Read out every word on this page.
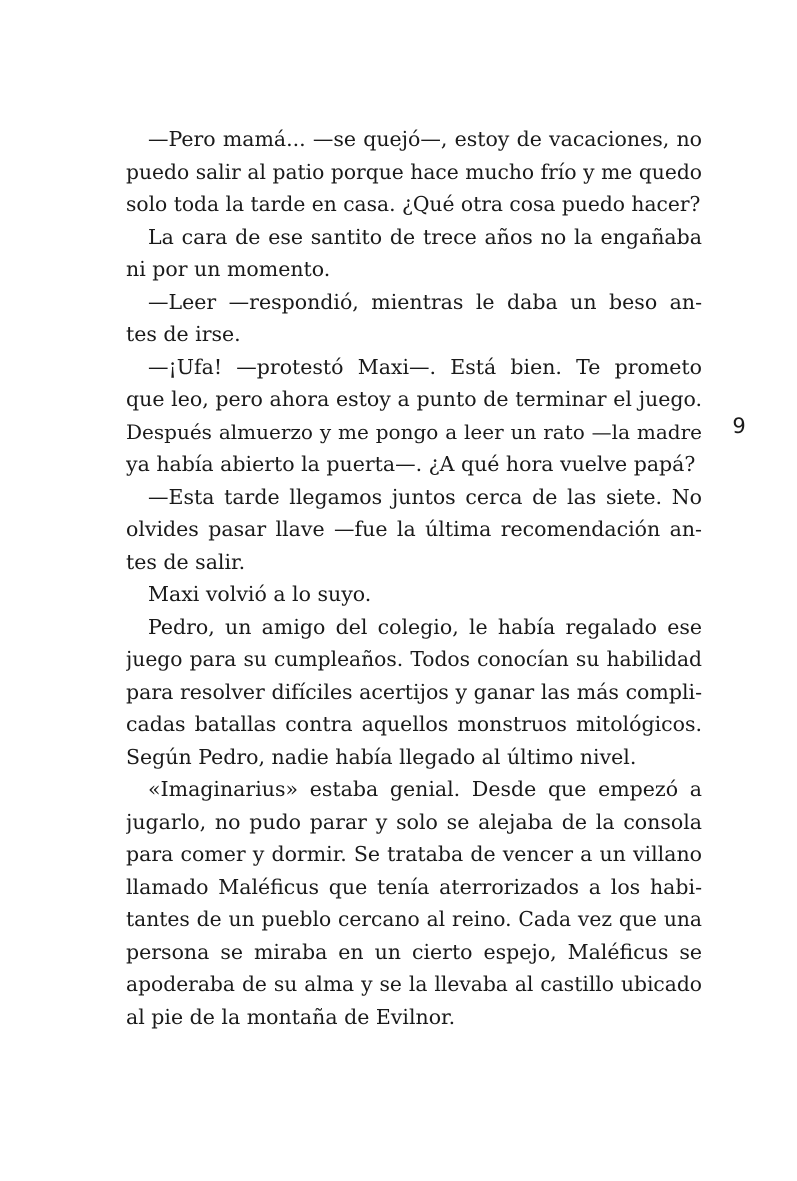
—Pero mamá... —se quejó—, estoy de vacaciones, no
puedo salir al patio porque hace mucho frío y me quedo
solo toda la tarde en casa. ¿Qué otra cosa puedo hacer?
La cara de ese santito de trece años no la engañaba
ni por un momento.
—Leer —respondió, mientras le daba un beso an-
tes de irse.
—¡Ufa! —protestó Maxi—. Está bien. Te prometo
que leo, pero ahora estoy a punto de terminar el juego.
Después almuerzo y me pongo a leer un rato —la madre
ya había abierto la puerta—. ¿A qué hora vuelve papá?
—Esta tarde llegamos juntos cerca de las siete. No
olvides pasar llave —fue la última recomendación an-
tes de salir.
Maxi volvió a lo suyo.
Pedro, un amigo del colegio, le había regalado ese
juego para su cumpleaños. Todos conocían su habilidad
para resolver difíciles acertijos y ganar las más compli-
cadas batallas contra aquellos monstruos mitológicos.
Según Pedro, nadie había llegado al último nivel.
«Imaginarius» estaba genial. Desde que empezó a
jugarlo, no pudo parar y solo se alejaba de la consola
para comer y dormir. Se trataba de vencer a un villano
llamado Maléficus que tenía aterrorizados a los habi-
tantes de un pueblo cercano al reino. Cada vez que una
persona se miraba en un cierto espejo, Maléficus se
apoderaba de su alma y se la llevaba al castillo ubicado
al pie de la montaña de Evilnor.
9
